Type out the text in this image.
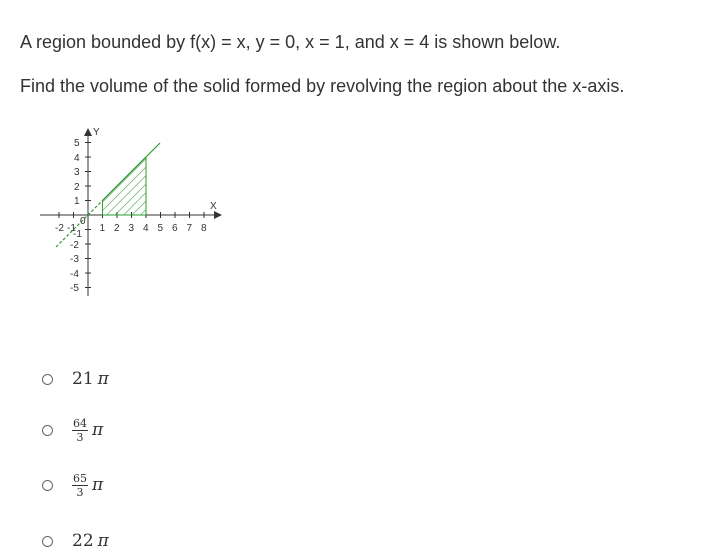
A region bounded by f(x) = x, y = 0, x = 1, and x = 4 is shown below.
Find the volume of the solid formed by revolving the region about the x-axis.
Y
X
-2 -1
0
1 2 3 4 5 6 7 8
1
2
3
4
5
-1
-2
-3
-4
-5
21 π
$\frac{64}{3}$ π
$\frac{65}{3}$ π
22 π
